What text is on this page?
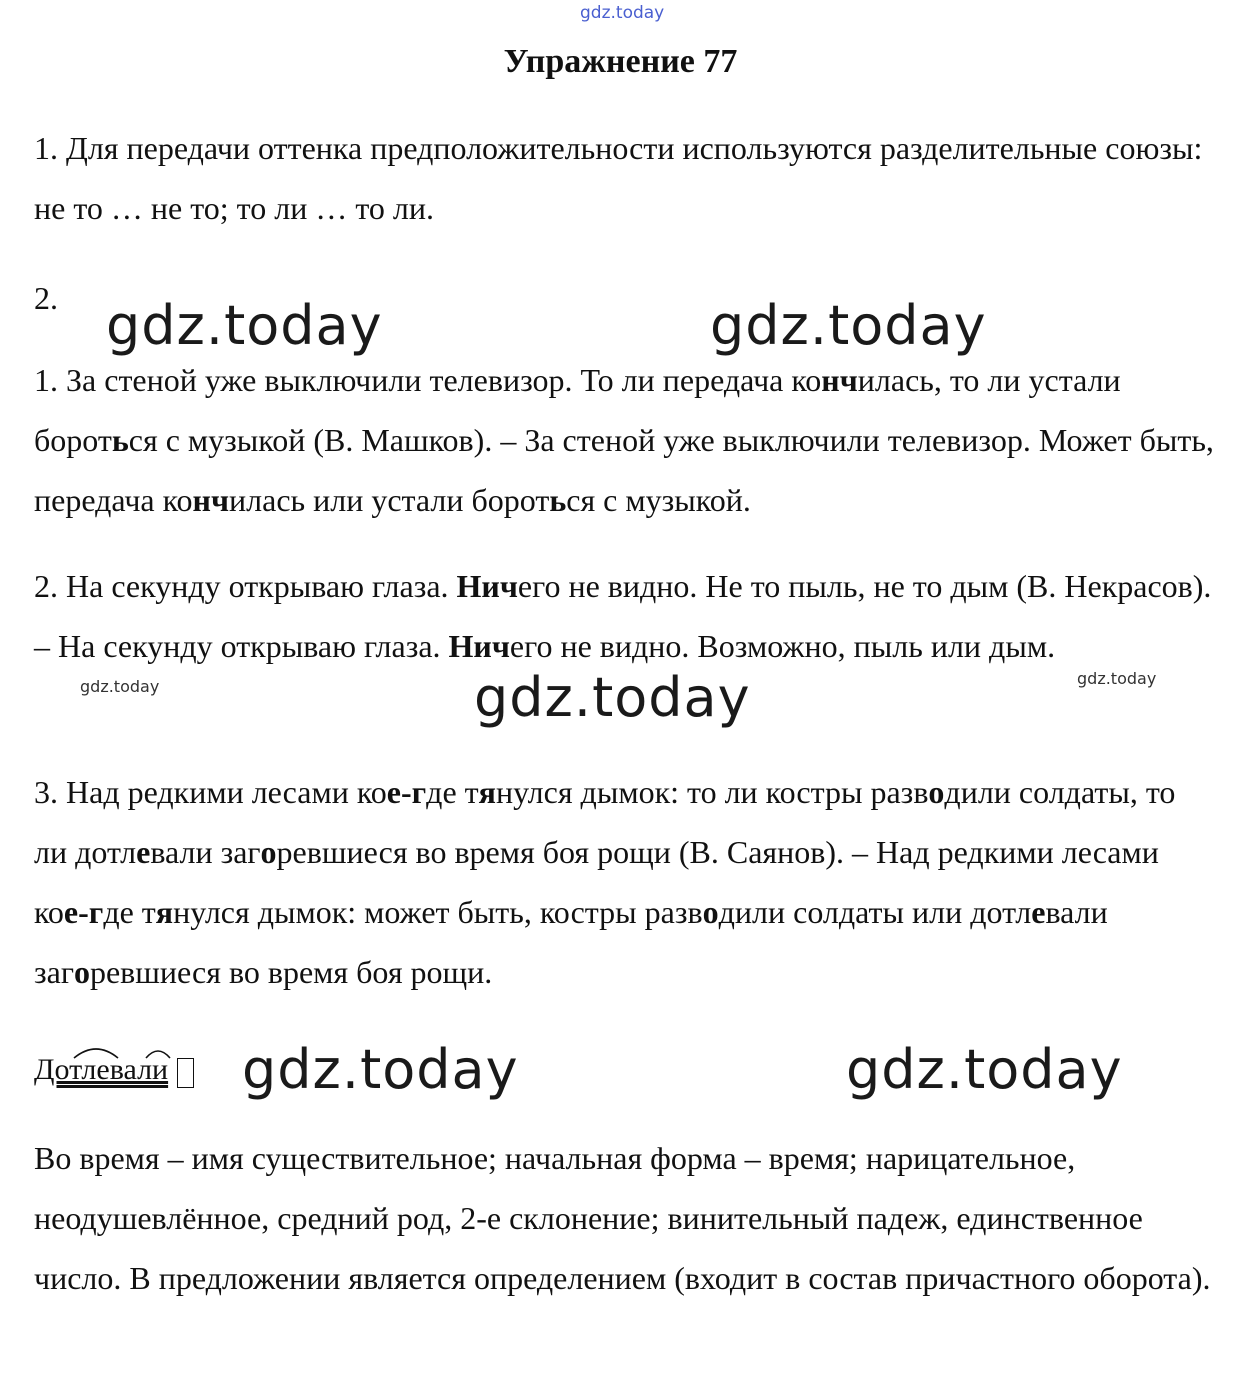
gdz.today
Упражнение 77

1. Для передачи оттенка предположительности используются разделительные союзы: не то … не то; то ли … то ли.

2. gdz.today	gdz.today

1. За стеной уже выключили телевизор. То ли передача кончилась, то ли устали бороться с музыкой (В. Машков). – За стеной уже выключили телевизор. Может быть, передача кончилась или устали бороться с музыкой.

2. На секунду открываю глаза. Ничего не видно. Не то пыль, не то дым (В. Некрасов). – На секунду открываю глаза. Ничего не видно. Возможно, пыль или дым.

gdz.today	gdz.today
gdz.today

3. Над редкими лесами кое-где тянулся дымок: то ли костры разводили солдаты, то ли дотлевали загоревшиеся во время боя рощи (В. Саянов). – Над редкими лесами кое-где тянулся дымок: может быть, костры разводили солдаты или дотлевали загоревшиеся во время боя рощи.

Дотлевали gdz.today	gdz.today

Во время – имя существительное; начальная форма – время; нарицательное, неодушевлённое, средний род, 2-е склонение; винительный падеж, единственное число. В предложении является определением (входит в состав причастного оборота).
